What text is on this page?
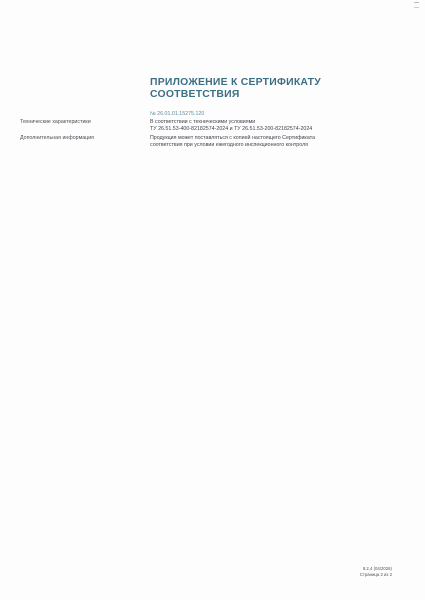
ПРИЛОЖЕНИЕ К СЕРТИФИКАТУ
СООТВЕТСТВИЯ
№ 26.01.01.15275.120
Технические характеристики	В соответствии с техническими условиями
ТУ 26.51.53-400-82182574-2024 и ТУ 26.51.53-200-82182574-2024
Дополнительная информация	Продукция может поставляться с копией настоящего Сертификата
соответствия при условии ежегодного инспекционного контроля
9.2.4 (04/2026)
Страница 2 из 2
